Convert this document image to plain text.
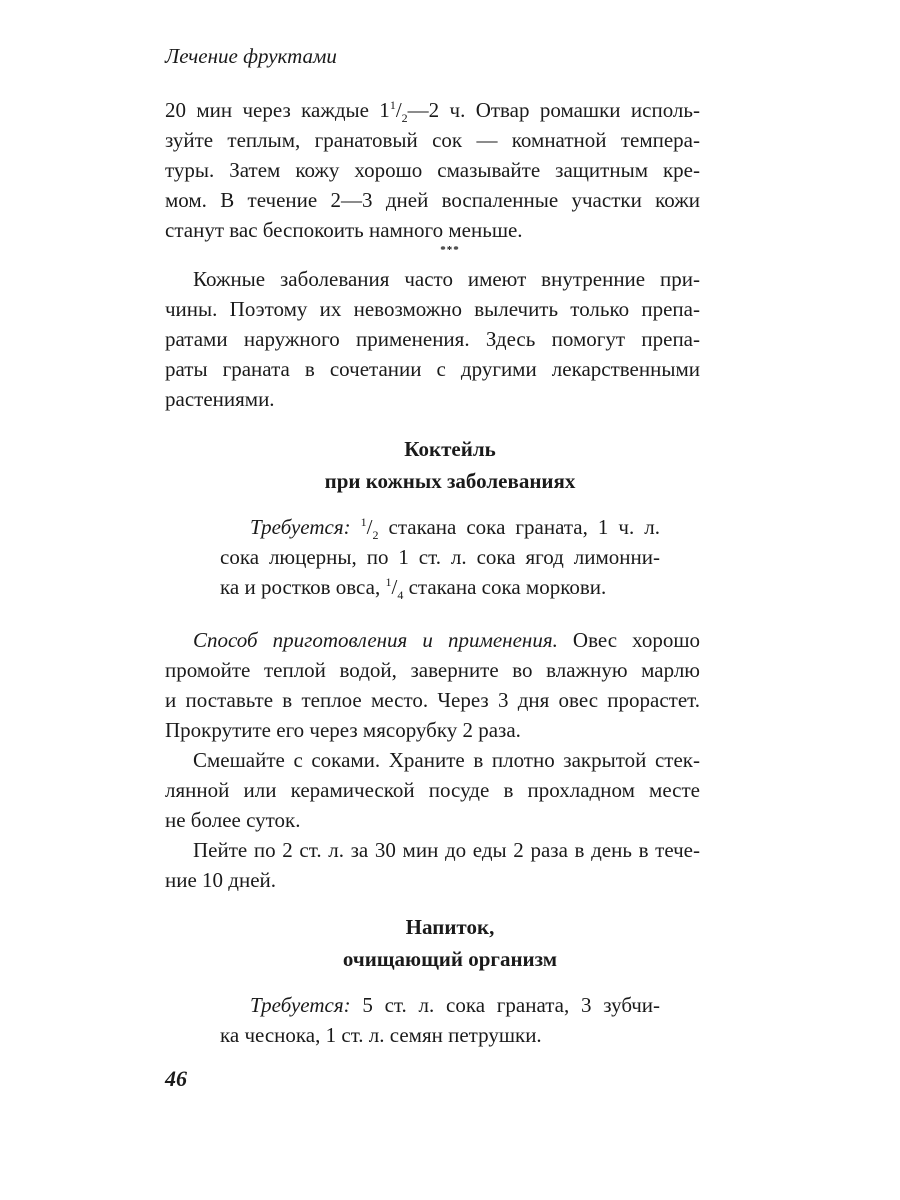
Лечение фруктами
20 мин через каждые $1^1/_2—2$ ч. Отвар ромашки исполь-
зуйте теплым, гранатовый сок — комнатной темпера-
туры. Затем кожу хорошо смазывайте защитным кре-
мом. В течение 2—3 дней воспаленные участки кожи
станут вас беспокоить намного меньше.
***
Кожные заболевания часто имеют внутренние при-
чины. Поэтому их невозможно вылечить только препа-
ратами наружного применения. Здесь помогут препа-
раты граната в сочетании с другими лекарственными
растениями.
Коктейль
при кожных заболеваниях
Требуется: $^1/_2$ стакана сока граната, 1 ч. л.
сока люцерны, по 1 ст. л. сока ягод лимонни-
ка и ростков овса, $^1/_4$ стакана сока моркови.
Способ приготовления и применения. Овес хорошо
промойте теплой водой, заверните во влажную марлю
и поставьте в теплое место. Через 3 дня овес прорастет.
Прокрутите его через мясорубку 2 раза.
Смешайте с соками. Храните в плотно закрытой стек-
лянной или керамической посуде в прохладном месте
не более суток.
Пейте по 2 ст. л. за 30 мин до еды 2 раза в день в тече-
ние 10 дней.
Напиток,
очищающий организм
Требуется: 5 ст. л. сока граната, 3 зубчи-
ка чеснока, 1 ст. л. семян петрушки.
46
